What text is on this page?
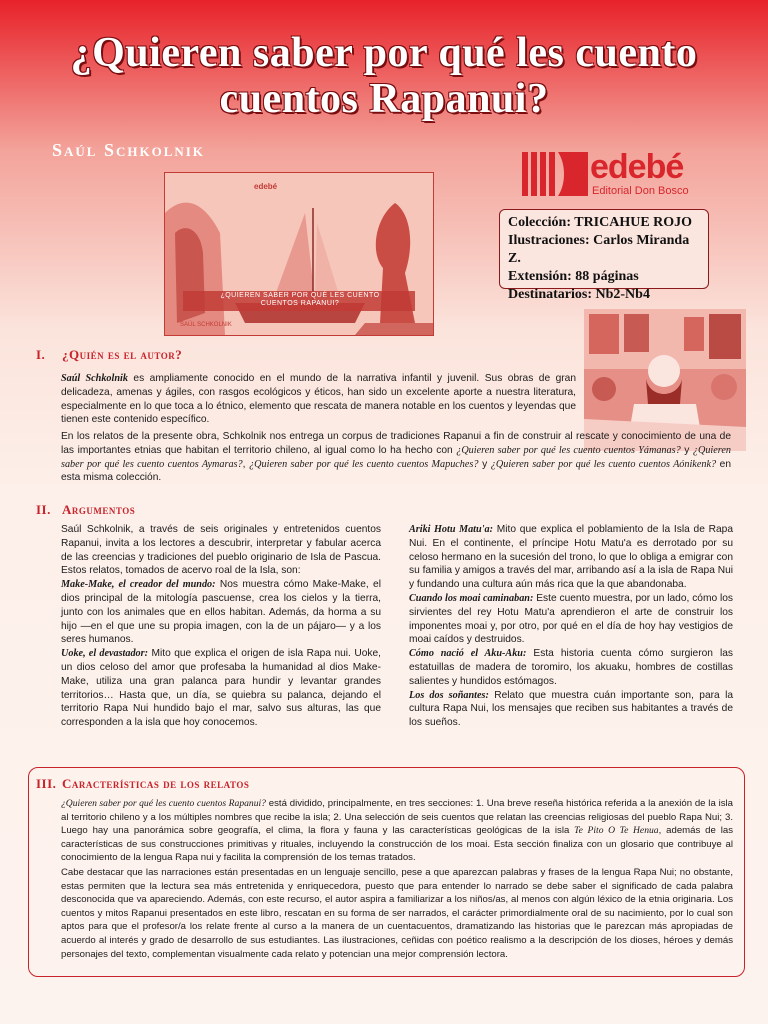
¿Quieren saber por qué les cuento
cuentos Rapanui?
Saúl Schkolnik
edebé
¿QUIEREN SABER POR QUÉ LES CUENTO
CUENTOS RAPANUI?
SAÚL SCHKOLNIK
edebé
Editorial Don Bosco
Colección: TRICAHUE ROJO
Ilustraciones: Carlos Miranda Z.
Extensión: 88 páginas
Destinatarios: Nb2-Nb4
I. ¿Quién es el autor?
Saúl Schkolnik es ampliamente conocido en el mundo de la narrativa infantil y juvenil. Sus obras de gran delicadeza, amenas y ágiles, con rasgos ecológicos y éticos, han sido un excelente aporte a nuestra literatura, especialmente en lo que toca a lo étnico, elemento que rescata de manera notable en los cuentos y leyendas que tienen este contenido específico.
En los relatos de la presente obra, Schkolnik nos entrega un corpus de tradiciones Rapanui a fin de construir al rescate y conocimiento de una de las importantes etnias que habitan el territorio chileno, al igual como lo ha hecho con ¿Quieren saber por qué les cuento cuentos Yámanas? y ¿Quieren saber por qué les cuento cuentos Aymaras?, ¿Quieren saber por qué les cuento cuentos Mapuches? y ¿Quieren saber por qué les cuento cuentos Aónikenk? en esta misma colección.
II. Argumentos
Saúl Schkolnik, a través de seis originales y entretenidos cuentos Rapanui, invita a los lectores a descubrir, interpretar y fabular acerca de las creencias y tradiciones del pueblo originario de Isla de Pascua. Estos relatos, tomados de acervo roal de la Isla, son:
Make-Make, el creador del mundo: Nos muestra cómo Make-Make, el dios principal de la mitología pascuense, crea los cielos y la tierra, junto con los animales que en ellos habitan. Además, da horma a su hijo —en el que une su propia imagen, con la de un pájaro— y a los seres humanos.
Uoke, el devastador: Mito que explica el origen de isla Rapa nui. Uoke, un dios celoso del amor que profesaba la humanidad al dios Make-Make, utiliza una gran palanca para hundir y levantar grandes territorios… Hasta que, un día, se quiebra su palanca, dejando el territorio Rapa Nui hundido bajo el mar, salvo sus alturas, las que corresponden a la isla que hoy conocemos.
Ariki Hotu Matu'a: Mito que explica el poblamiento de la Isla de Rapa Nui. En el continente, el príncipe Hotu Matu'a es derrotado por su celoso hermano en la sucesión del trono, lo que lo obliga a emigrar con su familia y amigos a través del mar, arribando así a la isla de Rapa Nui y fundando una cultura aún más rica que la que abandonaba.
Cuando los moai caminaban: Este cuento muestra, por un lado, cómo los sirvientes del rey Hotu Matu'a aprendieron el arte de construir los imponentes moai y, por otro, por qué en el día de hoy hay vestigios de moai caídos y destruidos.
Cómo nació el Aku-Aku: Esta historia cuenta cómo surgieron las estatuillas de madera de toromiro, los akuaku, hombres de costillas salientes y hundidos estómagos.
Los dos soñantes: Relato que muestra cuán importante son, para la cultura Rapa Nui, los mensajes que reciben sus habitantes a través de los sueños.
III. Características de los relatos
¿Quieren saber por qué les cuento cuentos Rapanui? está dividido, principalmente, en tres secciones: 1. Una breve reseña histórica referida a la anexión de la isla al territorio chileno y a los múltiples nombres que recibe la isla; 2. Una selección de seis cuentos que relatan las creencias religiosas del pueblo Rapa Nui; 3. Luego hay una panorámica sobre geografía, el clima, la flora y fauna y las características geológicas de la isla Te Pito O Te Henua, además de las características de sus construcciones primitivas y rituales, incluyendo la construcción de los moai. Esta sección finaliza con un glosario que contribuye al conocimiento de la lengua Rapa nui y facilita la comprensión de los temas tratados.
Cabe destacar que las narraciones están presentadas en un lenguaje sencillo, pese a que aparezcan palabras y frases de la lengua Rapa Nui; no obstante, estas permiten que la lectura sea más entretenida y enriquecedora, puesto que para entender lo narrado se debe saber el significado de cada palabra desconocida que va apareciendo. Además, con este recurso, el autor aspira a familiarizar a los niños/as, al menos con algún léxico de la etnia originaria. Los cuentos y mitos Rapanui presentados en este libro, rescatan en su forma de ser narrados, el carácter primordialmente oral de su nacimiento, por lo cual son aptos para que el profesor/a los relate frente al curso a la manera de un cuentacuentos, dramatizando las historias que le parezcan más apropiadas de acuerdo al interés y grado de desarrollo de sus estudiantes. Las ilustraciones, ceñidas con poético realismo a la descripción de los dioses, héroes y demás personajes del texto, complementan visualmente cada relato y potencian una mejor comprensión lectora.
